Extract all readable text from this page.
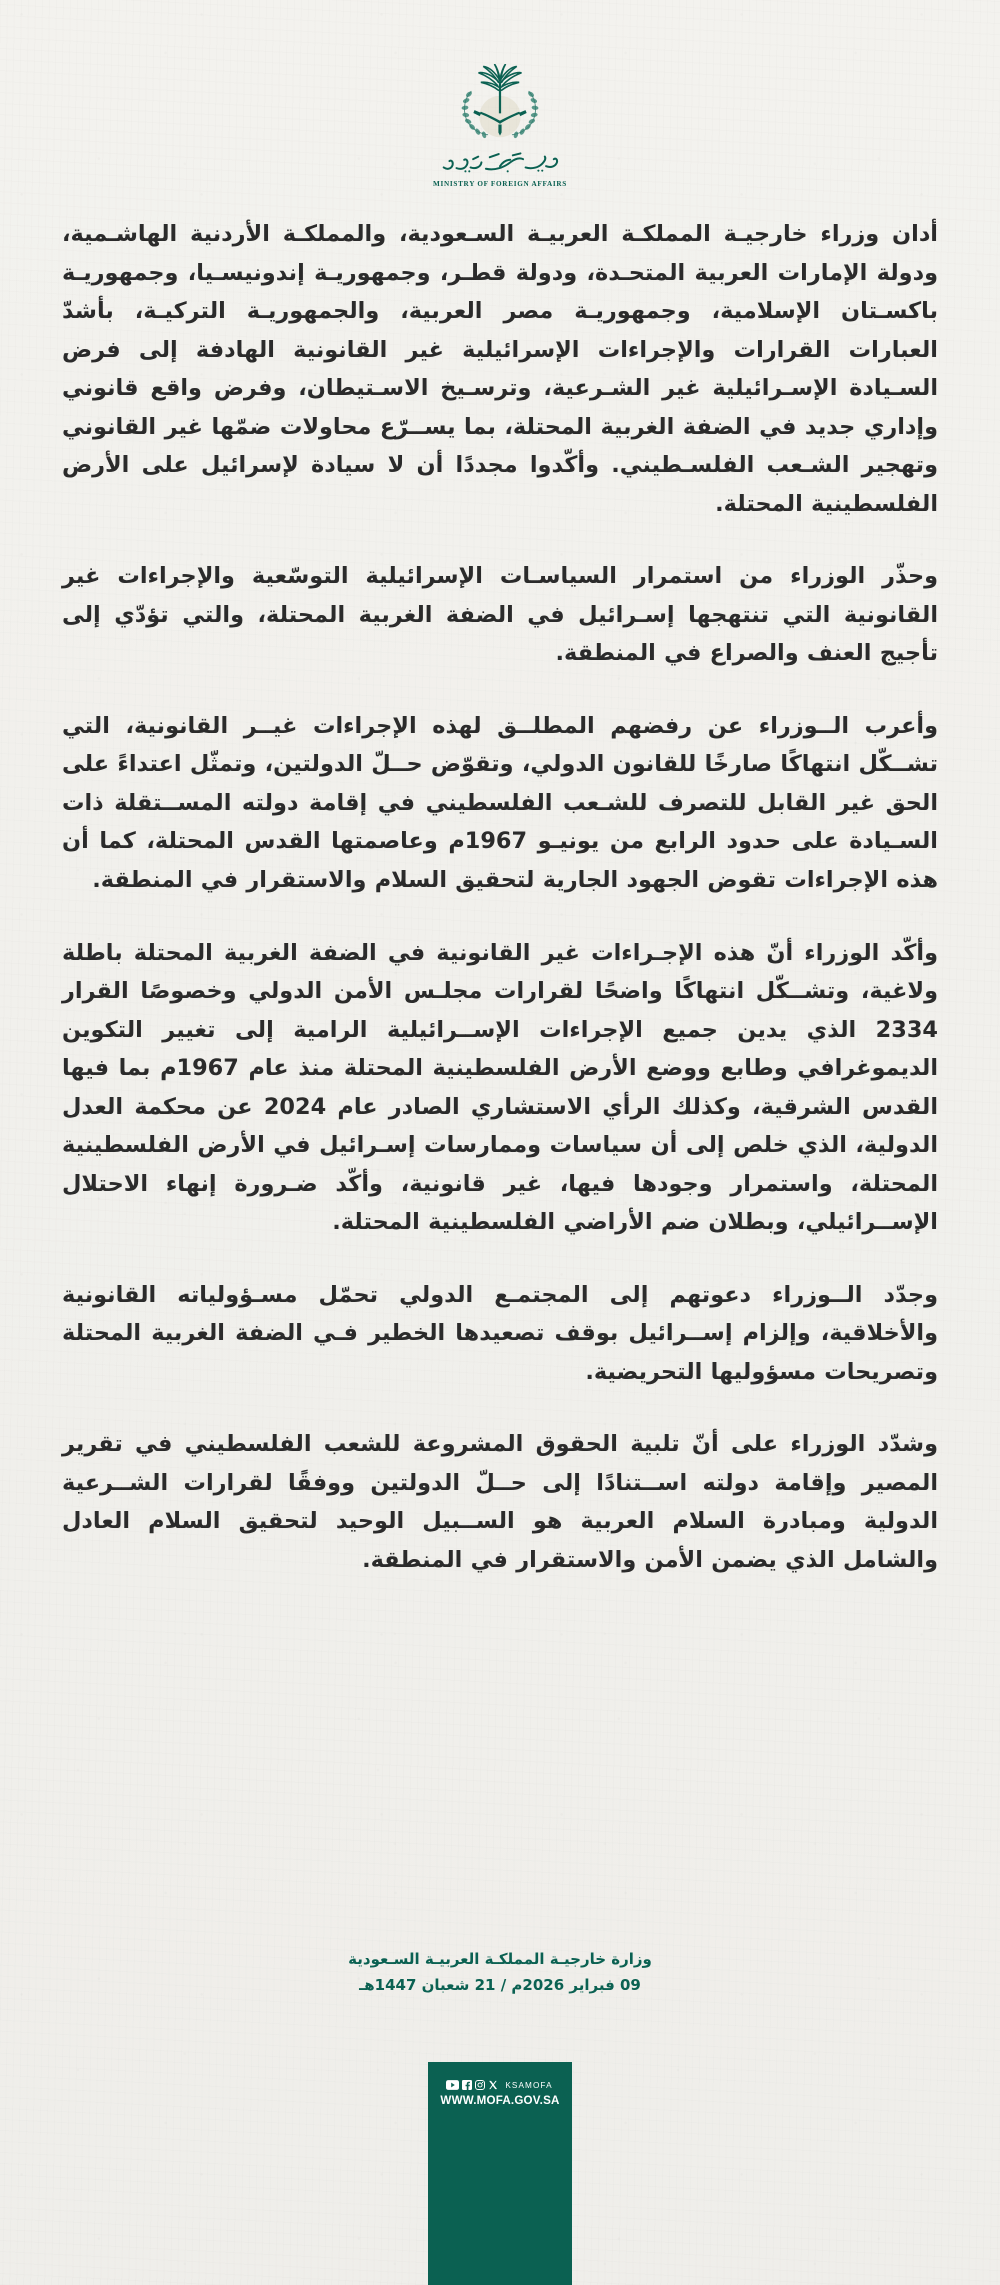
MINISTRY OF FOREIGN AFFAIRS

أدان وزراء خارجيـة المملكـة العربيـة السـعودية، والمملكـة الأردنية الهاشـمية، ودولة الإمارات العربية المتحـدة، ودولة قطـر، وجمهوريـة إندونيسـيا، وجمهوريـة باكسـتان الإسلامية، وجمهوريـة مصر العربية، والجمهوريـة التركيـة، بأشدّ العبارات القرارات والإجراءات الإسرائيلية غير القانونية الهادفة إلى فرض السـيادة الإسـرائيلية غير الشـرعية، وترسـيخ الاسـتيطان، وفرض واقع قانوني وإداري جديد في الضفة الغربية المحتلة، بما يســرّع محاولات ضمّها غير القانوني وتهجير الشـعب الفلسـطيني. وأكّدوا مجددًا أن لا سيادة لإسرائيل على الأرض الفلسطينية المحتلة.

وحذّر الوزراء من استمرار السياسـات الإسرائيلية التوسّعية والإجراءات غير القانونية التي تنتهجها إسـرائيل في الضفة الغربية المحتلة، والتي تؤدّي إلى تأجيج العنف والصراع في المنطقة.

وأعرب الــوزراء عن رفضهم المطلــق لهذه الإجراءات غيــر القانونية، التي تشــكّل انتهاكًا صارخًا للقانون الدولي، وتقوّض حــلّ الدولتين، وتمثّل اعتداءً على الحق غير القابل للتصرف للشـعب الفلسطيني في إقامة دولته المســتقلة ذات السـيادة على حدود الرابع من يونيـو 1967م وعاصمتها القدس المحتلة، كما أن هذه الإجراءات تقوض الجهود الجارية لتحقيق السلام والاستقرار في المنطقة.

وأكّد الوزراء أنّ هذه الإجـراءات غير القانونية في الضفة الغربية المحتلة باطلة ولاغية، وتشــكّل انتهاكًا واضحًا لقرارات مجلـس الأمن الدولي وخصوصًا القرار 2334 الذي يدين جميع الإجراءات الإســرائيلية الرامية إلى تغيير التكوين الديموغرافي وطابع ووضع الأرض الفلسطينية المحتلة منذ عام 1967م بما فيها القدس الشرقية، وكذلك الرأي الاستشاري الصادر عام 2024 عن محكمة العدل الدولية، الذي خلص إلى أن سياسات وممارسات إسـرائيل في الأرض الفلسطينية المحتلة، واستمرار وجودها فيها، غير قانونية، وأكّد ضـرورة إنهاء الاحتلال الإســرائيلي، وبطلان ضم الأراضي الفلسطينية المحتلة.

وجدّد الــوزراء دعوتهم إلى المجتمـع الدولي تحمّل مسـؤولياته القانونية والأخلاقية، وإلزام إســرائيل بوقف تصعيدها الخطير فـي الضفة الغربية المحتلة وتصريحات مسؤوليها التحريضية.

وشدّد الوزراء على أنّ تلبية الحقوق المشروعة للشعب الفلسطيني في تقرير المصير وإقامة دولته اســتنادًا إلى حــلّ الدولتين ووفقًا لقرارات الشــرعية الدولية ومبادرة السلام العربية هو الســبيل الوحيد لتحقيق السلام العادل والشامل الذي يضمن الأمن والاستقرار في المنطقة.

وزارة خارجيـة المملكـة العربيـة السـعودية
09 فبراير 2026م / 21 شعبان 1447هـ
KSAMOFA
WWW.MOFA.GOV.SA
